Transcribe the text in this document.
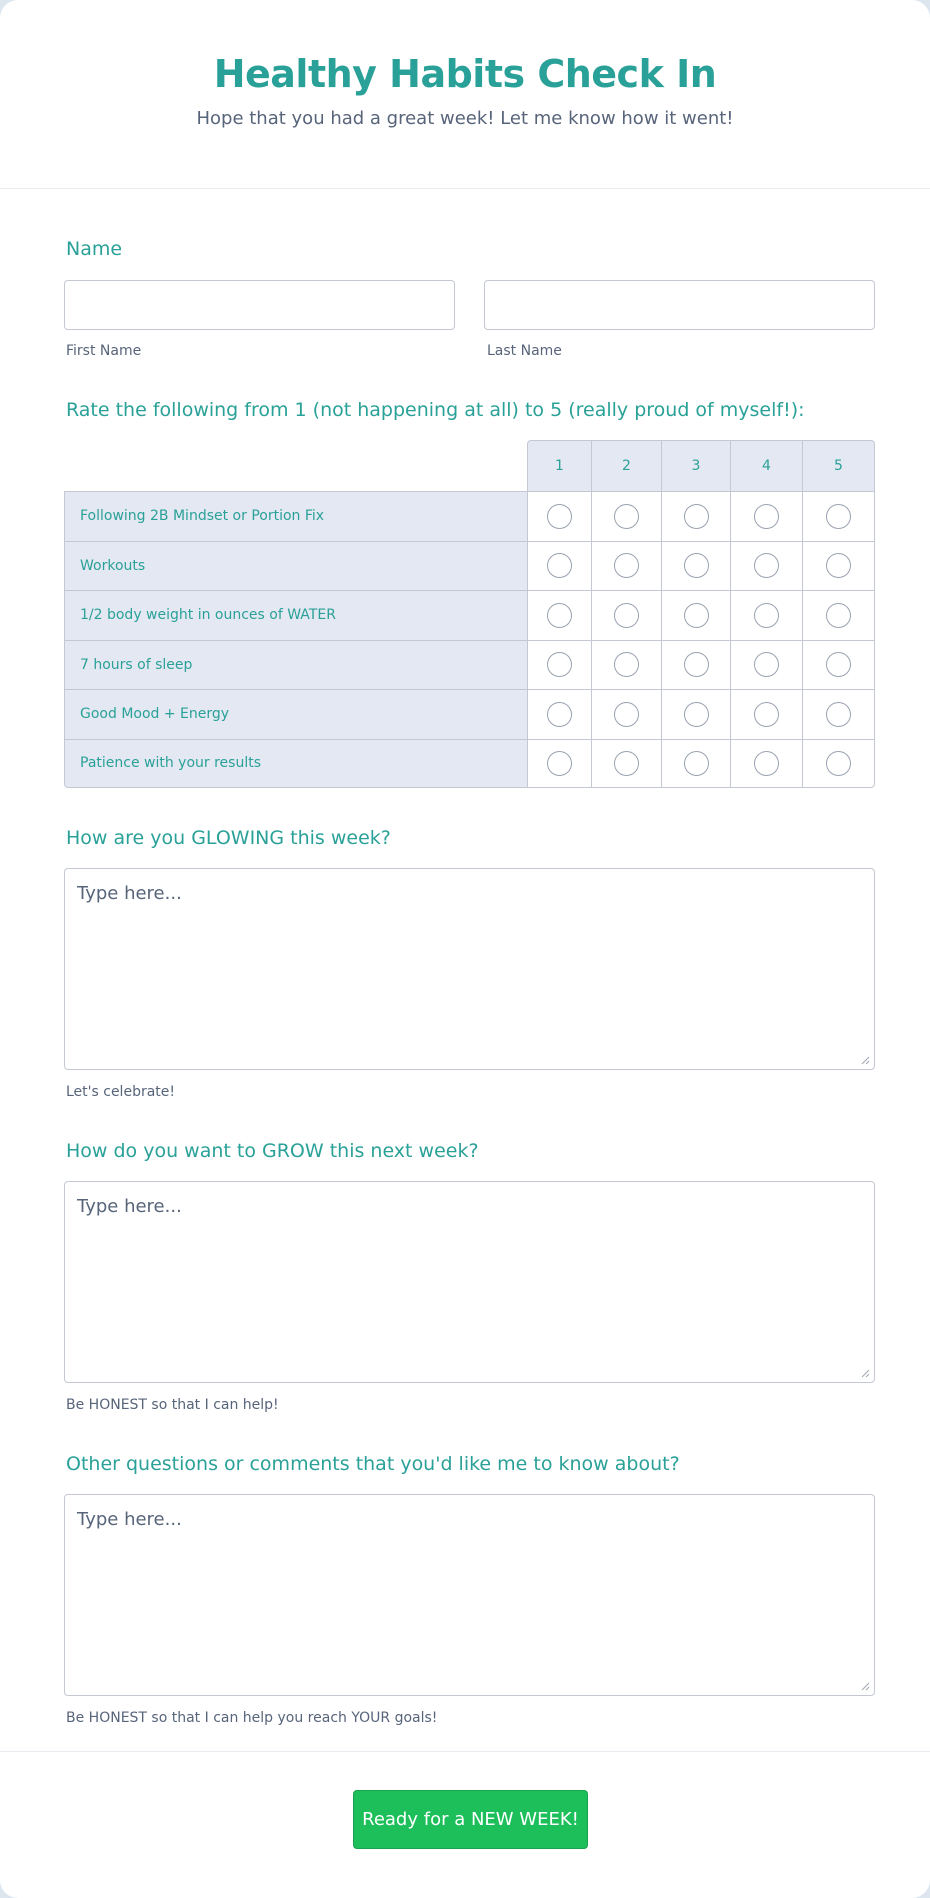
Healthy Habits Check In

Hope that you had a great week! Let me know how it went!

Name
First Name	Last Name
Rate the following from 1 (not happening at all) to 5 (really proud of myself!):
	1	2	3	4	5
Following 2B Mindset or Portion Fix					
Workouts					
1/2 body weight in ounces of WATER					
7 hours of sleep					
Good Mood + Energy					
Patience with your results					
How are you GLOWING this week?
Type here...
Let's celebrate!
How do you want to GROW this next week?
Type here...
Be HONEST so that I can help!
Other questions or comments that you'd like me to know about?
Type here...
Be HONEST so that I can help you reach YOUR goals!
Ready for a NEW WEEK!
